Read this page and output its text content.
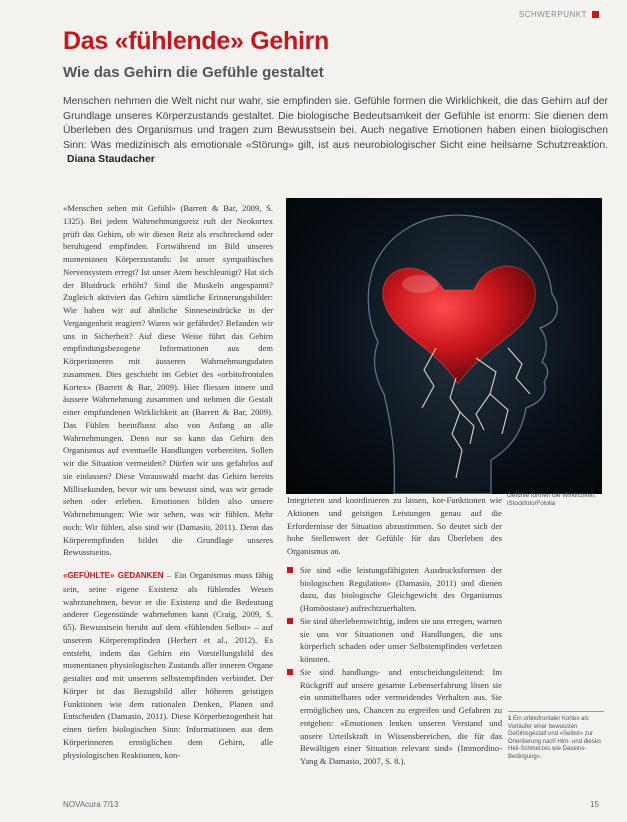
SCHWERPUNKT
Das «fühlende» Gehirn
Wie das Gehirn die Gefühle gestaltet

Menschen nehmen die Welt nicht nur wahr, sie empfinden sie. Gefühle formen die Wirklichkeit, die das Gehirn auf der Grundlage unseres Körperzustands gestaltet. Die biologische Bedeutsamkeit der Gefühle ist enorm: Sie dienen dem Überleben des Organismus und tragen zum Bewusstsein bei. Auch negative Emotionen haben einen biologischen Sinn: Was medizinisch als emotionale «Störung» gilt, ist aus neurobiologischer Sicht eine heilsame Schutzreaktion. Diana Staudacher

«Menschen sehen mit Gefühl» (Barrett & Bar, 2009, S. 1325). Bei jedem Wahrnehmungsreiz ruft der Neokortex prüft das Gehirn, ob wir diesen Reiz als erschreckend oder beruhigend empfinden. Fortwährend im Bild unseres momentanen Körperzustands: Ist unser sympathisches Nervensystem erregt? Ist unser Atem beschleunigt? Hat sich der Blutdruck erhöht? Sind die Muskeln angespannt? Zugleich aktiviert das Gehirn sämtliche Erinnerungsbilder: Wie haben wir auf ähnliche Sinneseindrücke in der Vergangenheit reagiert? Waren wir gefährdet? Befanden wir uns in Sicherheit? Auf diese Weise führt das Gehirn empfindungsbezogene Informationen aus dem Körperinneren mit äusseren Wahrnehmungsdaten zusammen. Dies geschieht im Gebiet des «orbitofrontalen Kortex» (Barrett & Bar, 2009). Hier fliessen innere und äussere Wahrnehmung zusammen und nehmen die Gestalt einer empfundenen Wirklichkeit an (Barrett & Bar, 2009). Das Fühlen beeinflusst also von Anfang an alle Wahrnehmungen. Denn nur so kann das Gehirn den Organismus auf eventuelle Handlungen vorbereiten. Sollen wir die Situation vermeiden? Dürfen wir uns gefahrlos auf sie einlassen? Diese Vorauswahl macht das Gehirn bereits Millisekunden, bevor wir uns bewusst sind, was wir gerade sehen oder erleben. Emotionen bilden also unsere Wahrnehmungen: Wie wir sehen, was wir fühlen. Mehr noch: Wir fühlen, also sind wir (Damasio, 2011). Denn das Körperempfinden bildet die Grundlage unseres Bewusstseins.

«GEFÜHLTE» GEDANKEN – Ein Organismus muss fähig sein, seine eigene Existenz als fühlendes Wesen wahrzunehmen, bevor er die Existenz und die Bedeutung anderer Gegenstände wahrnehmen kann (Craig, 2009, S. 65). Bewusstsein beruht auf dem «fühlenden Selbst» – auf unserem Körperempfinden (Herbert et al., 2012). Es entsteht, indem das Gehirn ein Vorstellungsbild des momentanen physiologischen Zustands aller inneren Organe gestaltet und mit unserem selbstempfinden verbindet. Der Körper ist das Bezugsbild aller höheren geistigen Funktionen wie dem rationalen Denken, Planen und Entscheiden (Damasio, 2011). Diese Körperbezogenheit hat einen tiefen biologischen Sinn: Informationen aus dem Körperinneren ermöglichen dem Gehirn, alle physiologischen Reaktionen, kon-

Gefühle formen die Wirklichkeit. iStockfoto/Fotolia

Integrieren und koordinieren zu lassen, kor-Funktionen wie Aktionen und geistigen Leistungen genau auf die Erfordernisse der Situation abzustimmen. So deutet sich der hohe Stellenwert der Gefühle für das Überleben des Organismus an.

Sie sind «die leistungsfähigsten Ausdrucksformen der biologischen Regulation» (Damasio, 2011) und dienen dazu, das biologische Gleichgewicht des Organismus (Homöostase) aufrechtzuerhalten.
Sie sind überlebenswichtig, indem sie uns erregen, warnen sie uns vor Situationen und Handlungen, die uns körperlich schaden oder unser Selbstempfinden verletzen könnten.
Sie sind handlungs- und entscheidungsleitend: Im Rückgriff auf unsere gesamte Lebenserfahrung lösen sie ein unmittelbares oder vermeidendes Verhalten aus. Sie ermöglichen uns, Chancen zu ergreifen und Gefahren zu entgehen: «Emotionen lenken unseren Verstand und unsere Urteilskraft in Wissensbereichen, die für das Bewältigen einer Situation relevant sind» (Immordino-Yang & Damasio, 2007, S. 8.).

1 Ein orbitofrontaler Kortex als Vorläufer einer bewussten Gefühlsgestalt und «Selbst» zur Orientierung nach Hirn- und dieses Heil-Schmerzes wie Daseins-Bedingung».

NOVAcura 7/13	15
